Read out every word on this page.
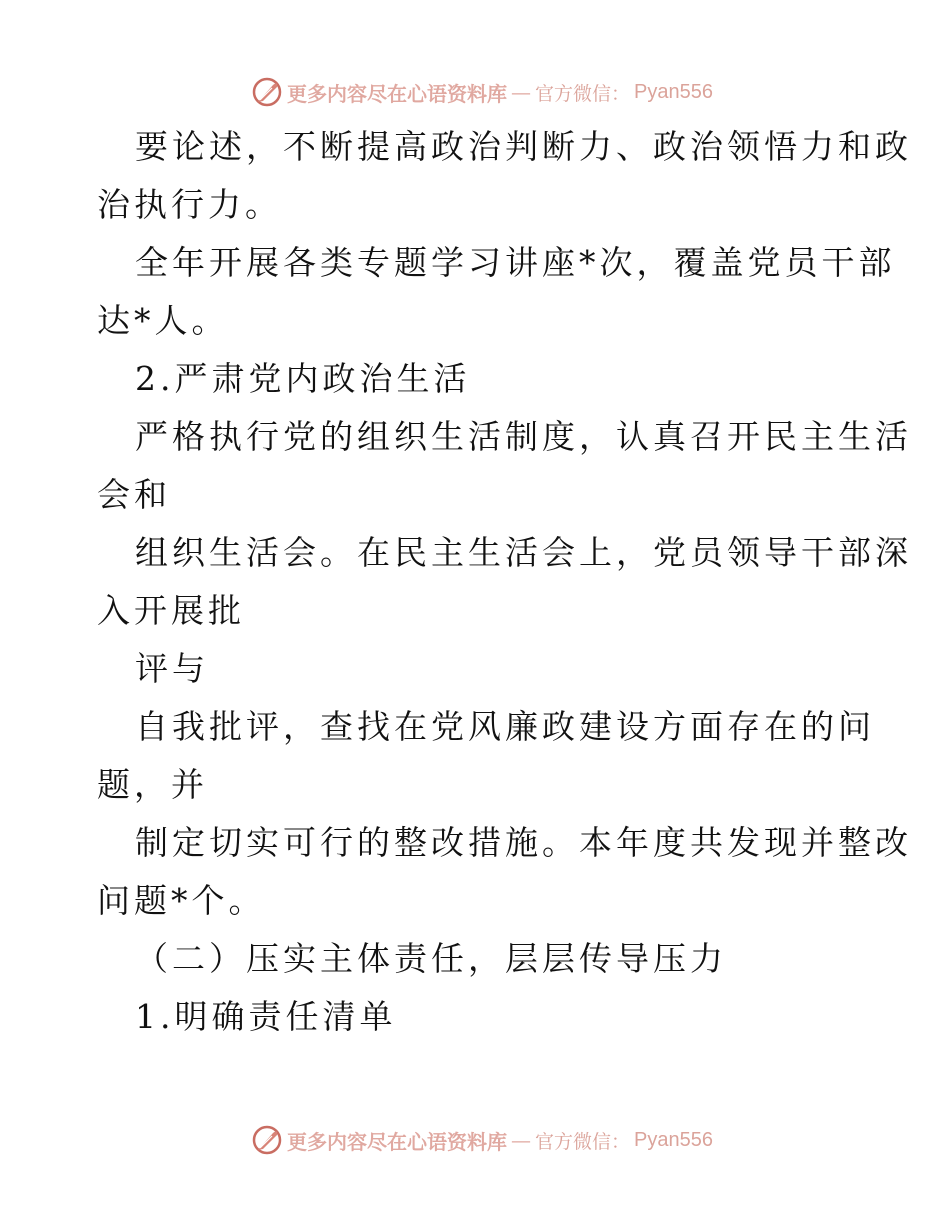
更多内容尽在心语资料库 — 官方微信： Pyan556
要论述，不断提高政治判断力、政治领悟力和政
治执行力。
全年开展各类专题学习讲座*次，覆盖党员干部
达*人。
2.严肃党内政治生活
严格执行党的组织生活制度，认真召开民主生活
会和
组织生活会。在民主生活会上，党员领导干部深
入开展批
评与
自我批评，查找在党风廉政建设方面存在的问
题，并
制定切实可行的整改措施。本年度共发现并整改
问题*个。
（二）压实主体责任，层层传导压力
1.明确责任清单
更多内容尽在心语资料库 — 官方微信： Pyan556
